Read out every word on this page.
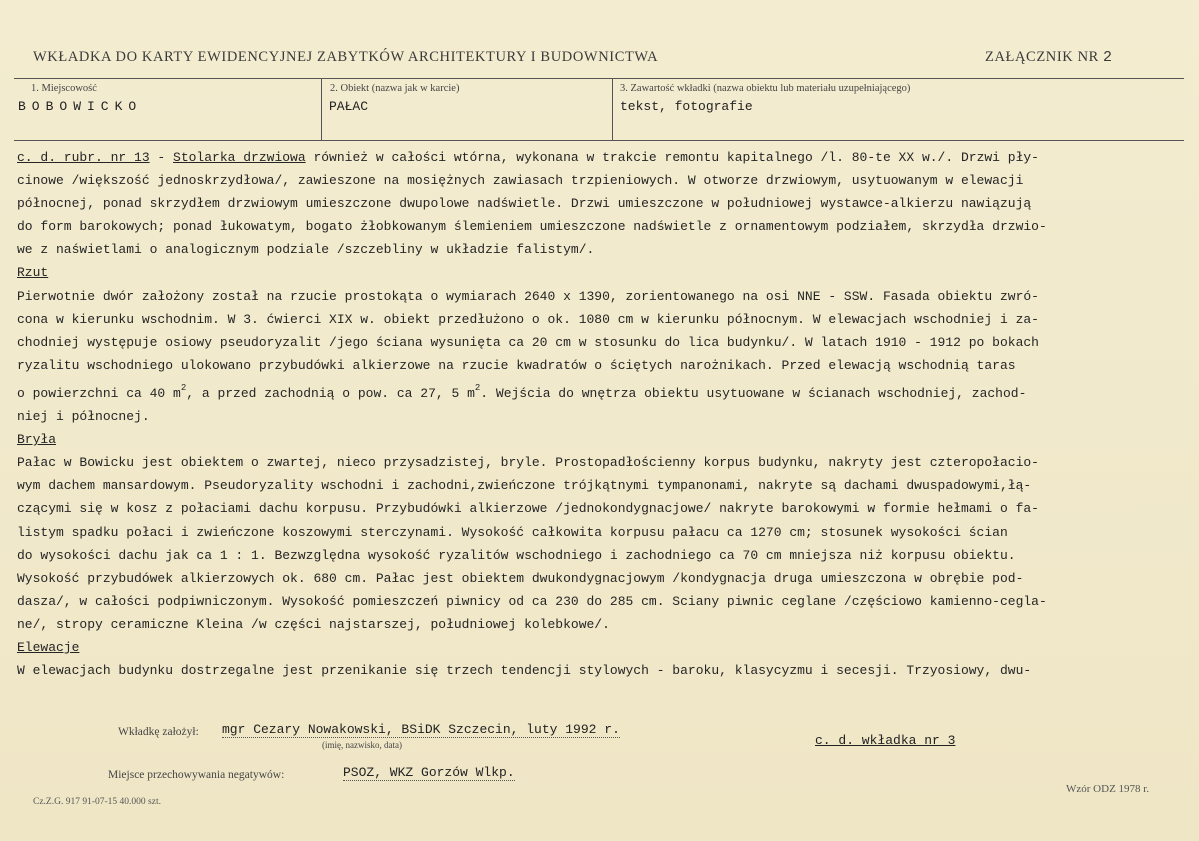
WKŁADKA DO KARTY EWIDENCYJNEJ ZABYTKÓW ARCHITEKTURY I BUDOWNICTWA	ZAŁĄCZNIK NR 2
1. Miejscowość
BOBOWICKO
2. Obiekt (nazwa jak w karcie)
PAŁAC
3. Zawartość wkładki (nazwa obiektu lub materiału uzupełniającego)
tekst, fotografie
c. d. rubr. nr 13 - Stolarka drzwiowa również w całości wtórna, wykonana w trakcie remontu kapitalnego /l. 80-te XX w./. Drzwi pły-
cinowe /większość jednoskrzydłowa/, zawieszone na mosiężnych zawiasach trzpieniowych. W otworze drzwiowym, usytuowanym w elewacji
północnej, ponad skrzydłem drzwiowym umieszczone dwupolowe nadświetle. Drzwi umieszczone w południowej wystawce-alkierzu nawiązują
do form barokowych; ponad łukowatym, bogato żłobkowanym ślemieniem umieszczone nadświetle z ornamentowym podziałem, skrzydła drzwio-
we z naświetlami o analogicznym podziale /szczebliny w układzie falistym/.
Rzut
Pierwotnie dwór założony został na rzucie prostokąta o wymiarach 2640 x 1390, zorientowanego na osi NNE - SSW. Fasada obiektu zwró-
cona w kierunku wschodnim. W 3. ćwierci XIX w. obiekt przedłużono o ok. 1080 cm w kierunku północnym. W elewacjach wschodniej i za-
chodniej występuje osiowy pseudoryzalit /jego ściana wysunięta ca 20 cm w stosunku do lica budynku/. W latach 1910 - 1912 po bokach
ryzalitu wschodniego ulokowano przybudówki alkierzowe na rzucie kwadratów o ściętych narożnikach. Przed elewacją wschodnią taras
o powierzchni ca 40 $m^2$, a przed zachodnią o pow. ca 27, 5 $m^2$. Wejścia do wnętrza obiektu usytuowane w ścianach wschodniej, zachod-
niej i północnej.
Bryła
Pałac w Bowicku jest obiektem o zwartej, nieco przysadzistej, bryle. Prostopadłościenny korpus budynku, nakryty jest czteropołacio-
wym dachem mansardowym. Pseudoryzality wschodni i zachodni,zwieńczone trójkątnymi tympanonami, nakryte są dachami dwuspadowymi,łą-
czącymi się w kosz z połaciami dachu korpusu. Przybudówki alkierzowe /jednokondygnacjowe/ nakryte barokowymi w formie hełmami o fa-
listym spadku połaci i zwieńczone koszowymi sterczynami. Wysokość całkowita korpusu pałacu ca 1270 cm; stosunek wysokości ścian
do wysokości dachu jak ca 1 : 1. Bezwzględna wysokość ryzalitów wschodniego i zachodniego ca 70 cm mniejsza niż korpusu obiektu.
Wysokość przybudówek alkierzowych ok. 680 cm. Pałac jest obiektem dwukondygnacjowym /kondygnacja druga umieszczona w obrębie pod-
dasza/, w całości podpiwniczonym. Wysokość pomieszczeń piwnicy od ca 230 do 285 cm. Sciany piwnic ceglane /częściowo kamienno-cegla-
ne/, stropy ceramiczne Kleina /w części najstarszej, południowej kolebkowe/.
Elewacje
W elewacjach budynku dostrzegalne jest przenikanie się trzech tendencji stylowych - baroku, klasycyzmu i secesji. Trzyosiowy, dwu-
Wkładkę założył: mgr Cezary Nowakowski, BSiDK Szczecin, luty 1992 r.
(imię, nazwisko, data)	c. d. wkładka nr 3
Miejsce przechowywania negatywów:	PSOZ, WKZ Gorzów Wlkp.
Wzór ODZ 1978 r.
Cz.Z.G. 917 91-07-15 40.000 szt.
